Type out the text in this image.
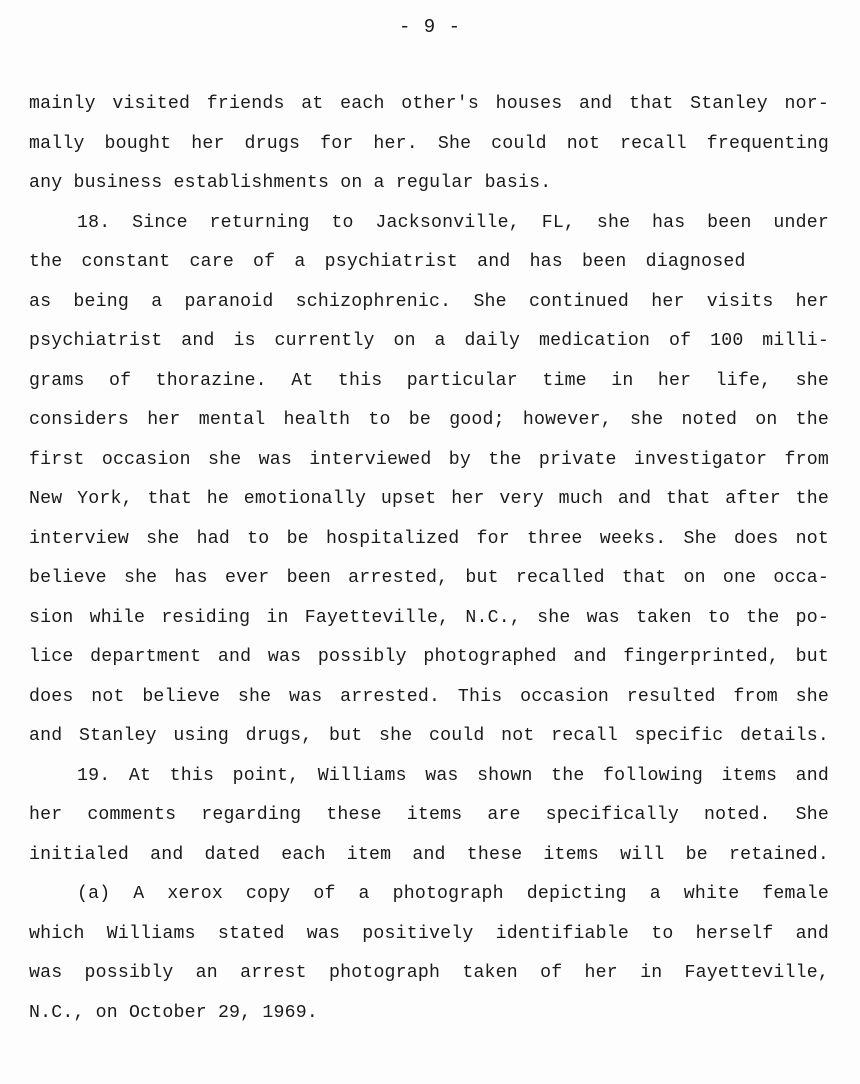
- 9 -
mainly visited friends at each other's houses and that Stanley nor-
mally bought her drugs for her. She could not recall frequenting
any business establishments on a regular basis.
18. Since returning to Jacksonville, FL, she has been under
the constant care of a psychiatrist and has been diagnosed
as being a paranoid schizophrenic. She continued her visits her
psychiatrist and is currently on a daily medication of 100 milli-
grams of thorazine. At this particular time in her life, she
considers her mental health to be good; however, she noted on the
first occasion she was interviewed by the private investigator from
New York, that he emotionally upset her very much and that after the
interview she had to be hospitalized for three weeks. She does not
believe she has ever been arrested, but recalled that on one occa-
sion while residing in Fayetteville, N.C., she was taken to the po-
lice department and was possibly photographed and fingerprinted, but
does not believe she was arrested. This occasion resulted from she
and Stanley using drugs, but she could not recall specific details.
19. At this point, Williams was shown the following items and
her comments regarding these items are specifically noted. She
initialed and dated each item and these items will be retained.
(a) A xerox copy of a photograph depicting a white female
which Williams stated was positively identifiable to herself and
was possibly an arrest photograph taken of her in Fayetteville,
N.C., on October 29, 1969.
